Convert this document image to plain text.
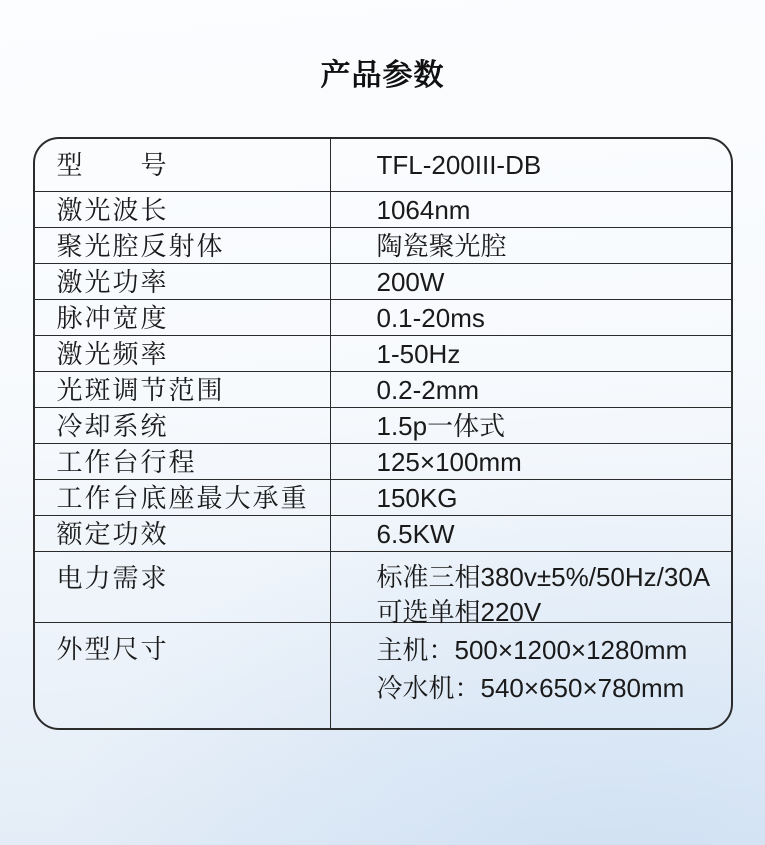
产品参数
型　　号	TFL-200III-DB
激光波长	1064nm
聚光腔反射体	陶瓷聚光腔
激光功率	200W
脉冲宽度	0.1-20ms
激光频率	1-50Hz
光斑调节范围	0.2-2mm
冷却系统	1.5p一体式
工作台行程	125×100mm
工作台底座最大承重	150KG
额定功效	6.5KW
电力需求	标准三相380v±5%/50Hz/30A
可选单相220V
外型尺寸	主机：500×1200×1280mm
冷水机：540×650×780mm
